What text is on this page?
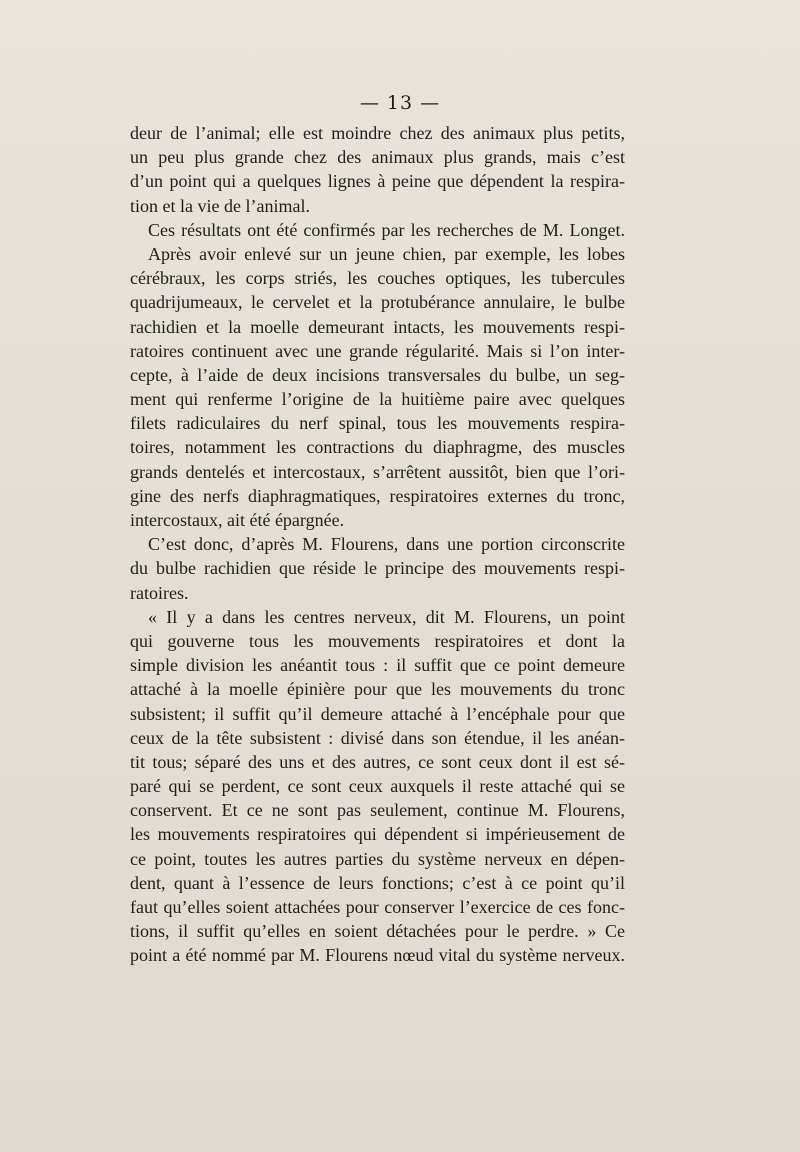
— 13 —
deur de l’animal; elle est moindre chez des animaux plus petits,
un peu plus grande chez des animaux plus grands, mais c’est
d’un point qui a quelques lignes à peine que dépendent la respira-
tion et la vie de l’animal.
Ces résultats ont été confirmés par les recherches de M. Longet.
Après avoir enlevé sur un jeune chien, par exemple, les lobes
cérébraux, les corps striés, les couches optiques, les tubercules
quadrijumeaux, le cervelet et la protubérance annulaire, le bulbe
rachidien et la moelle demeurant intacts, les mouvements respi-
ratoires continuent avec une grande régularité. Mais si l’on inter-
cepte, à l’aide de deux incisions transversales du bulbe, un seg-
ment qui renferme l’origine de la huitième paire avec quelques
filets radiculaires du nerf spinal, tous les mouvements respira-
toires, notamment les contractions du diaphragme, des muscles
grands dentelés et intercostaux, s’arrêtent aussitôt, bien que l’ori-
gine des nerfs diaphragmatiques, respiratoires externes du tronc,
intercostaux, ait été épargnée.
C’est donc, d’après M. Flourens, dans une portion circonscrite
du bulbe rachidien que réside le principe des mouvements respi-
ratoires.
« Il y a dans les centres nerveux, dit M. Flourens, un point
qui gouverne tous les mouvements respiratoires et dont la
simple division les anéantit tous : il suffit que ce point demeure
attaché à la moelle épinière pour que les mouvements du tronc
subsistent; il suffit qu’il demeure attaché à l’encéphale pour que
ceux de la tête subsistent : divisé dans son étendue, il les anéan-
tit tous; séparé des uns et des autres, ce sont ceux dont il est sé-
paré qui se perdent, ce sont ceux auxquels il reste attaché qui se
conservent. Et ce ne sont pas seulement, continue M. Flourens,
les mouvements respiratoires qui dépendent si impérieusement de
ce point, toutes les autres parties du système nerveux en dépen-
dent, quant à l’essence de leurs fonctions; c’est à ce point qu’il
faut qu’elles soient attachées pour conserver l’exercice de ces fonc-
tions, il suffit qu’elles en soient détachées pour le perdre. » Ce
point a été nommé par M. Flourens nœud vital du système nerveux.
